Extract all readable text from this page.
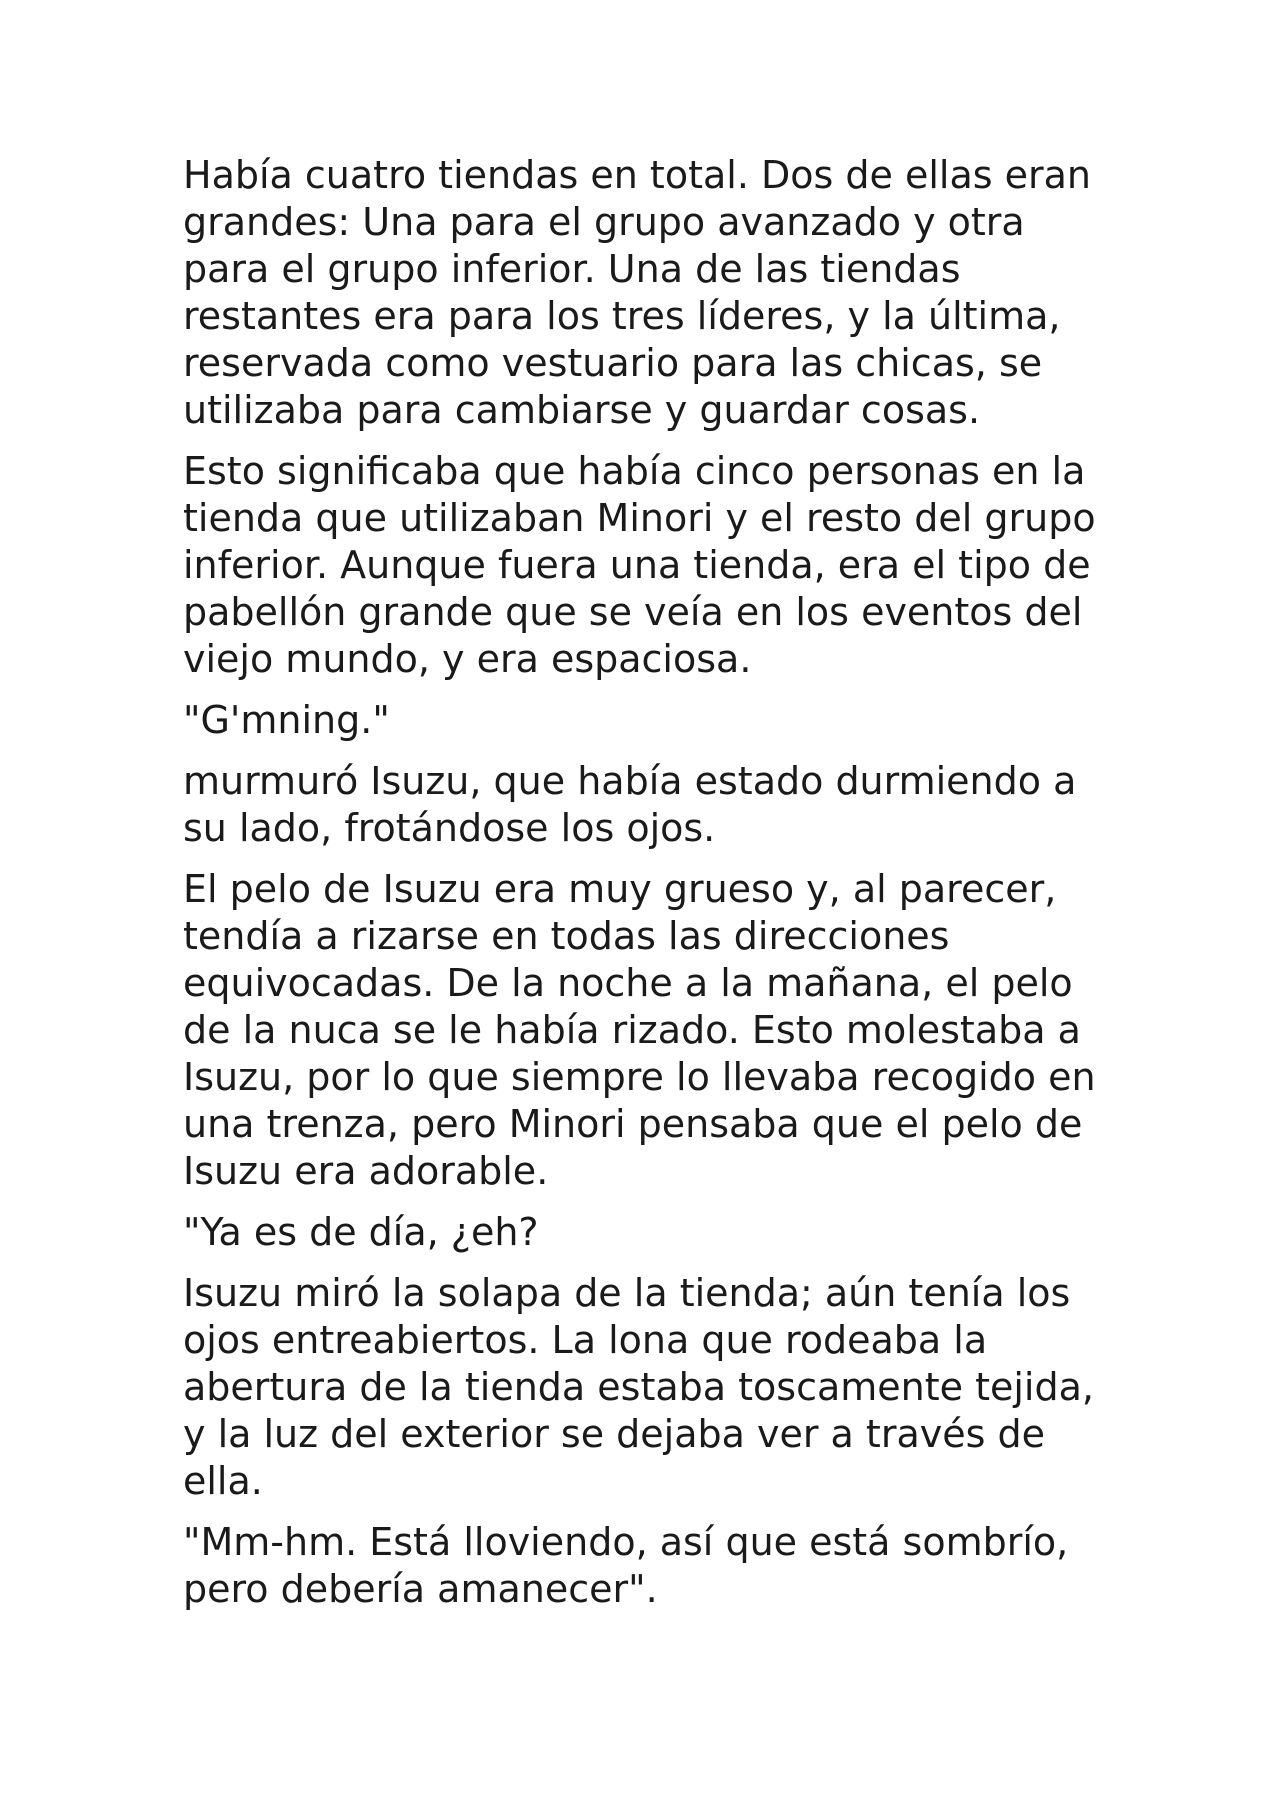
Había cuatro tiendas en total. Dos de ellas eran grandes: Una para el grupo avanzado y otra para el grupo inferior. Una de las tiendas restantes era para los tres líderes, y la última, reservada como vestuario para las chicas, se utilizaba para cambiarse y guardar cosas.

Esto significaba que había cinco personas en la tienda que utilizaban Minori y el resto del grupo inferior. Aunque fuera una tienda, era el tipo de pabellón grande que se veía en los eventos del viejo mundo, y era espaciosa.

"G'mning."

murmuró Isuzu, que había estado durmiendo a su lado, frotándose los ojos.

El pelo de Isuzu era muy grueso y, al parecer, tendía a rizarse en todas las direcciones equivocadas. De la noche a la mañana, el pelo de la nuca se le había rizado. Esto molestaba a Isuzu, por lo que siempre lo llevaba recogido en una trenza, pero Minori pensaba que el pelo de Isuzu era adorable.

"Ya es de día, ¿eh?

Isuzu miró la solapa de la tienda; aún tenía los ojos entreabiertos. La lona que rodeaba la abertura de la tienda estaba toscamente tejida, y la luz del exterior se dejaba ver a través de ella.

"Mm-hm. Está lloviendo, así que está sombrío, pero debería amanecer".
